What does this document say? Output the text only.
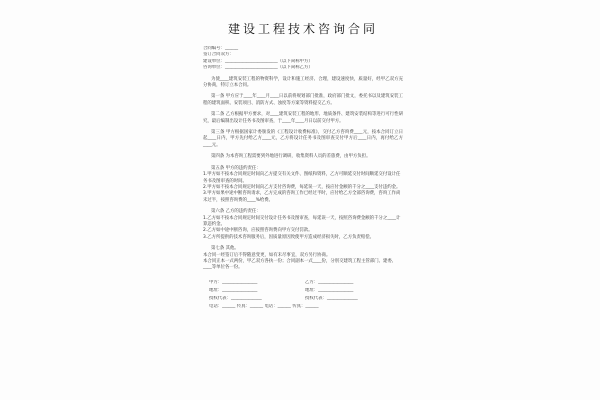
建设工程技术咨询合同
合同编号：______
签订合同双方：
建设单位：________________________（以下简称甲方）
咨询单位：________________________（以下简称乙方）
为使____建筑安装工程的物资科学，设计和施工经济、合理，建设速度快，质量好，经甲乙双方充分协商，特订立本合同。
第一条 甲方应于____年____月____日以前将规划部门批准，政府部门批文，委托书以及建筑安装工程的建筑面积、安装项目、消防方式、浊度等方案等资料提交乙方。
第二条 乙方根据甲方要求，对____建筑安装工程的地形、地质条件、建筑安装结构等进行可行性研究，最后编制出设计任务书及图审查，于____年____月日以前交付甲方。
第三条 甲方根据国家计委颁发的《工程设计收费标准》，交付乙方咨询费____元，按本合同订立日起____日内，甲方先付给乙方____元，乙方将设计任务书及图审查交付甲方后____日内，再付给乙方____元。
第四条 为本咨询工程需要到外地进行调研，收集资料人员的差旅费，由甲方负担。
第五条 甲方的违约责任：
1.甲方如不按本合同规定时间向乙方提交有关文件、图纸和资料，乙方可顺延交付时间顺延交付设计任务书及图审查的时间。
2.甲方如不按本合同规定时间向乙方支付咨询费，每延误一天，按应付金额的千分之____支付违约金。
3.甲方如果中途中断咨询请求，乙方完成的咨询工作已经过半时，应付给乙方全部咨询费，咨询工作尚未过半，按照咨询费的____%给费。
第六条 乙方的违约责任：
1.乙方如不按本合同规定时间交付设计任务书及图审查，每延误一天，按照咨询费金额的千分之____计算违约金。
2.乙方如中途中断咨询，应按照咨询费向甲方交付罚款。
3.乙方所提供的技术咨询服务后，因质量原因致使甲方造成经济损失时，乙方负责赔偿。
第七条 其他。
本合同一经签订后不得随意变更，如有未尽事宜，双方另行协商。
本合同正本一式两份，甲乙双方各执一份；合同副本一式____份，分别交建筑工程主管部门、建委、____等单位各一份。
甲方：________________	乙方：________________
地址：________________	地址：________________
授权代表：______________	授权代表：______________
电话：______ 传真：______ 电话：______ 传真：______
